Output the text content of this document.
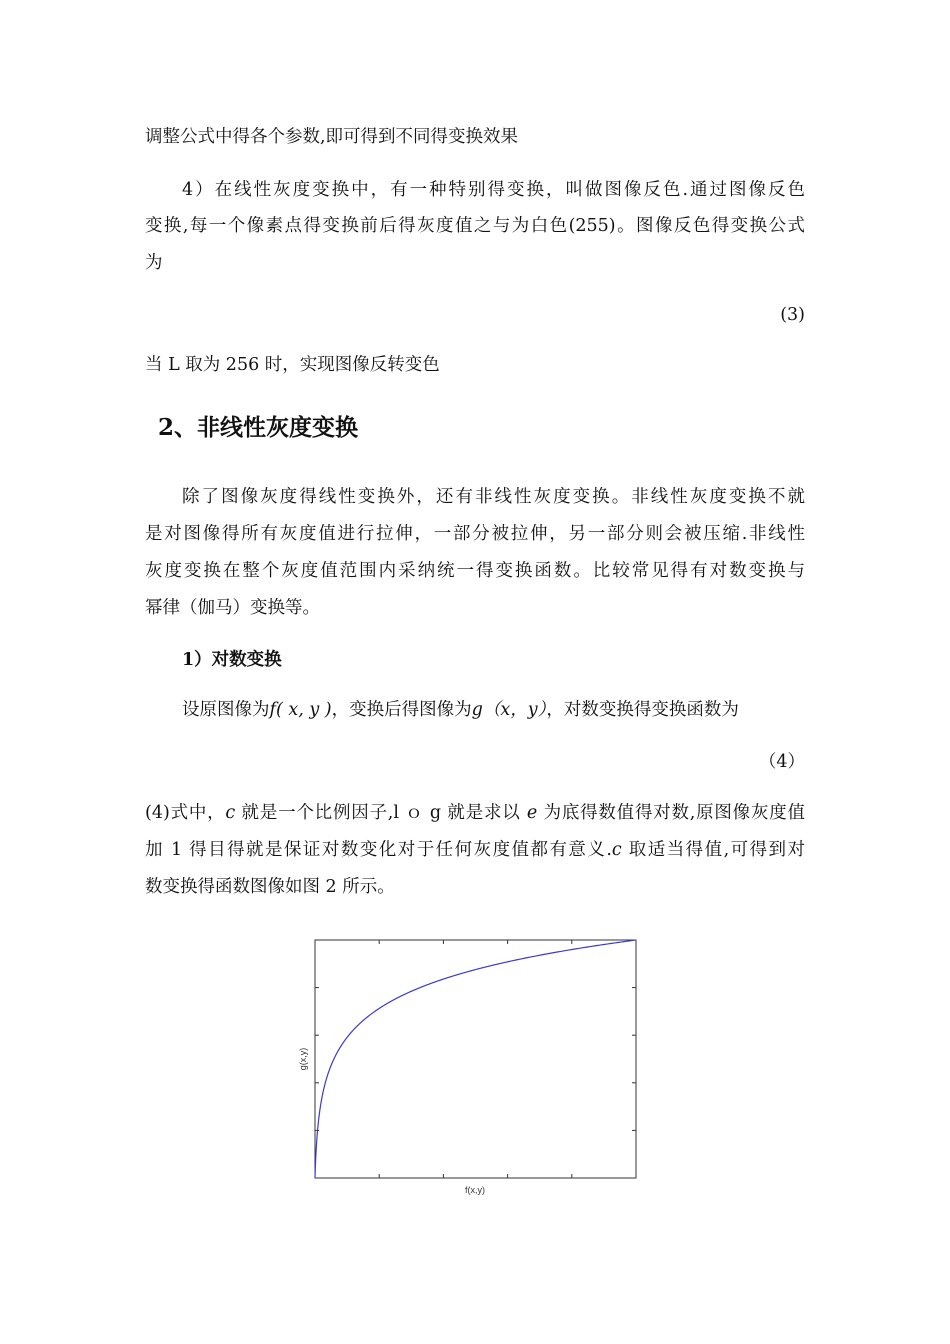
调整公式中得各个参数,即可得到不同得变换效果
4）在线性灰度变换中，有一种特别得变换，叫做图像反色.通过图像反色
变换,每一个像素点得变换前后得灰度值之与为白色(255)。图像反色得变换公式
为
(3)
当 L 取为 256 时，实现图像反转变色
2、非线性灰度变换
除了图像灰度得线性变换外，还有非线性灰度变换。非线性灰度变换不就
是对图像得所有灰度值进行拉伸，一部分被拉伸，另一部分则会被压缩.非线性
灰度变换在整个灰度值范围内采纳统一得变换函数。比较常见得有对数变换与
幂律（伽马）变换等。
1）对数变换
设原图像为f( x, y )，变换后得图像为g（x，y），对数变换得变换函数为
（4）
(4)式中，c 就是一个比例因子,l ｏ g 就是求以 e 为底得数值得对数,原图像灰度值
加 1 得目得就是保证对数变化对于任何灰度值都有意义.c 取适当得值,可得到对
数变换得函数图像如图 2 所示。
f(x,y)
g(x,y)
